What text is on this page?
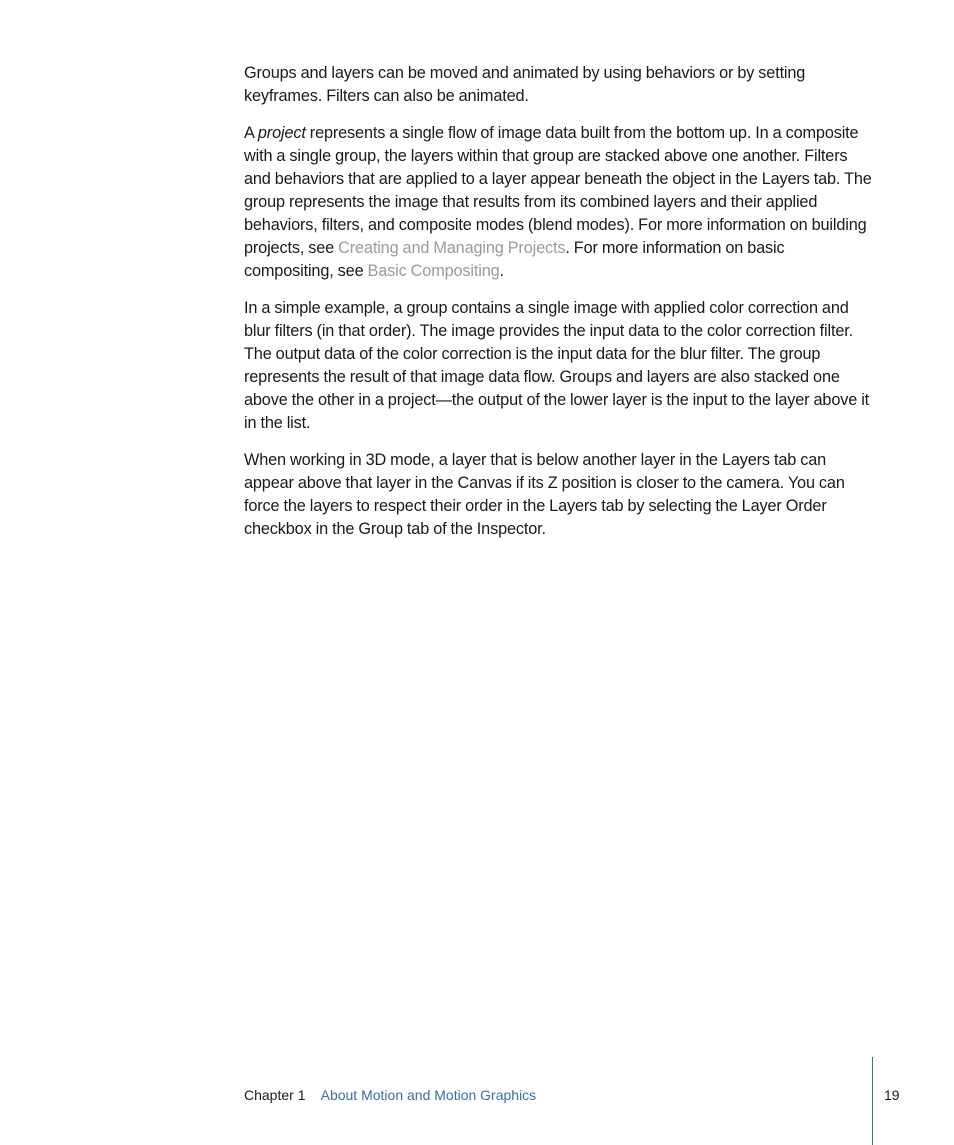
Groups and layers can be moved and animated by using behaviors or by setting keyframes. Filters can also be animated.

A project represents a single flow of image data built from the bottom up. In a composite with a single group, the layers within that group are stacked above one another. Filters and behaviors that are applied to a layer appear beneath the object in the Layers tab. The group represents the image that results from its combined layers and their applied behaviors, filters, and composite modes (blend modes). For more information on building projects, see Creating and Managing Projects. For more information on basic compositing, see Basic Compositing.

In a simple example, a group contains a single image with applied color correction and blur filters (in that order). The image provides the input data to the color correction filter. The output data of the color correction is the input data for the blur filter. The group represents the result of that image data flow. Groups and layers are also stacked one above the other in a project—the output of the lower layer is the input to the layer above it in the list.

When working in 3D mode, a layer that is below another layer in the Layers tab can appear above that layer in the Canvas if its Z position is closer to the camera. You can force the layers to respect their order in the Layers tab by selecting the Layer Order checkbox in the Group tab of the Inspector.

Chapter 1 About Motion and Motion Graphics	19
